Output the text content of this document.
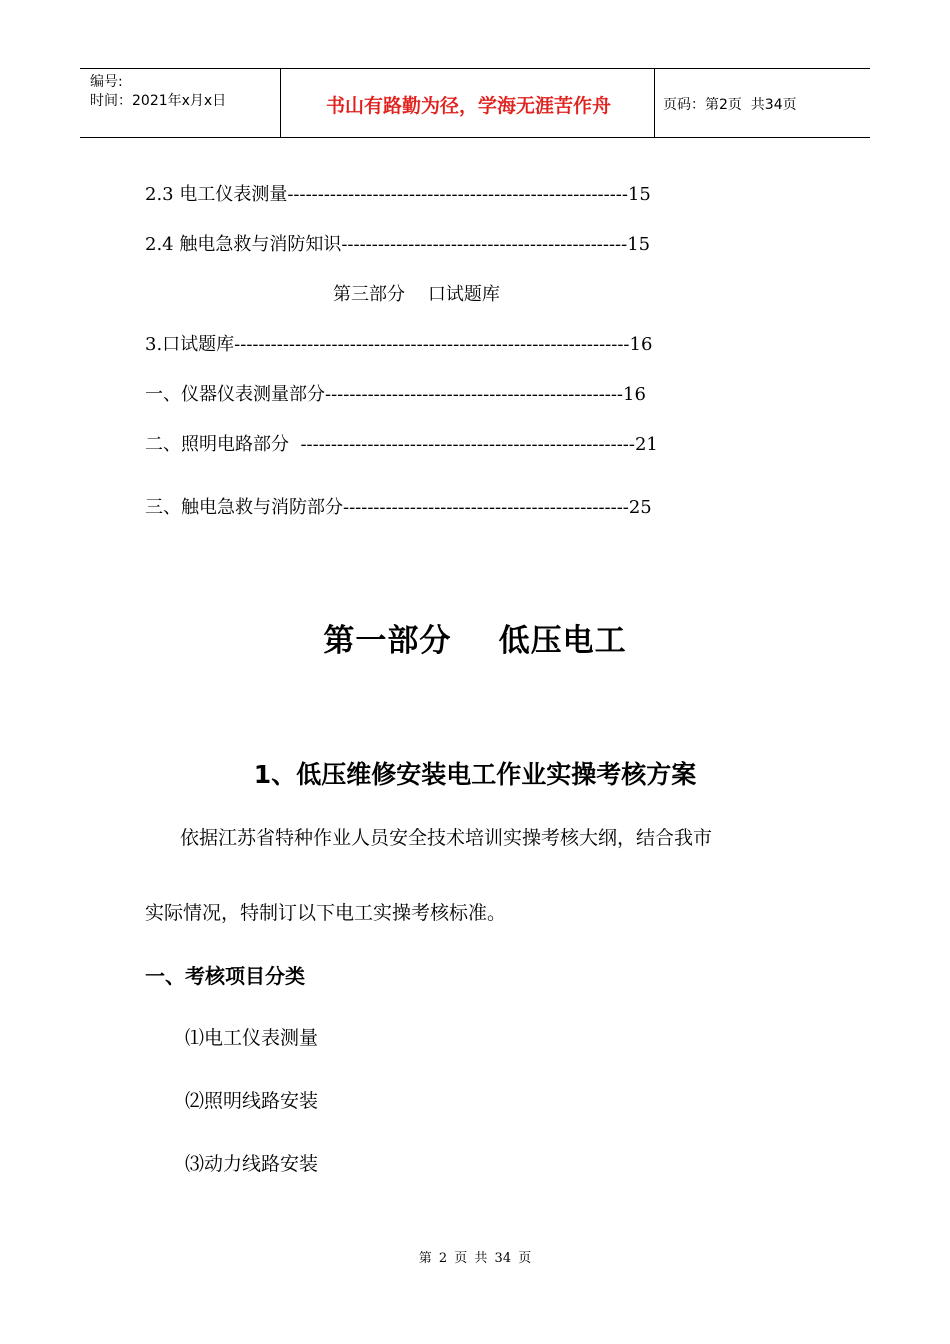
编号:
时间：2021年x月x日	书山有路勤为径，学海无涯苦作舟	页码：第2页  共34页
2.3 电工仪表测量--------------------------------------------------------15
2.4 触电急救与消防知识-----------------------------------------------15
第三部分    口试题库
3.口试题库-----------------------------------------------------------------16
一、仪器仪表测量部分-------------------------------------------------16
二、照明电路部分  -------------------------------------------------------21
三、触电急救与消防部分-----------------------------------------------25
第一部分    低压电工
1、低压维修安装电工作业实操考核方案
依据江苏省特种作业人员安全技术培训实操考核大纲，结合我市
实际情况，特制订以下电工实操考核标准。
一、考核项目分类
⑴电工仪表测量
⑵照明线路安装
⑶动力线路安装
第 2 页 共 34 页
